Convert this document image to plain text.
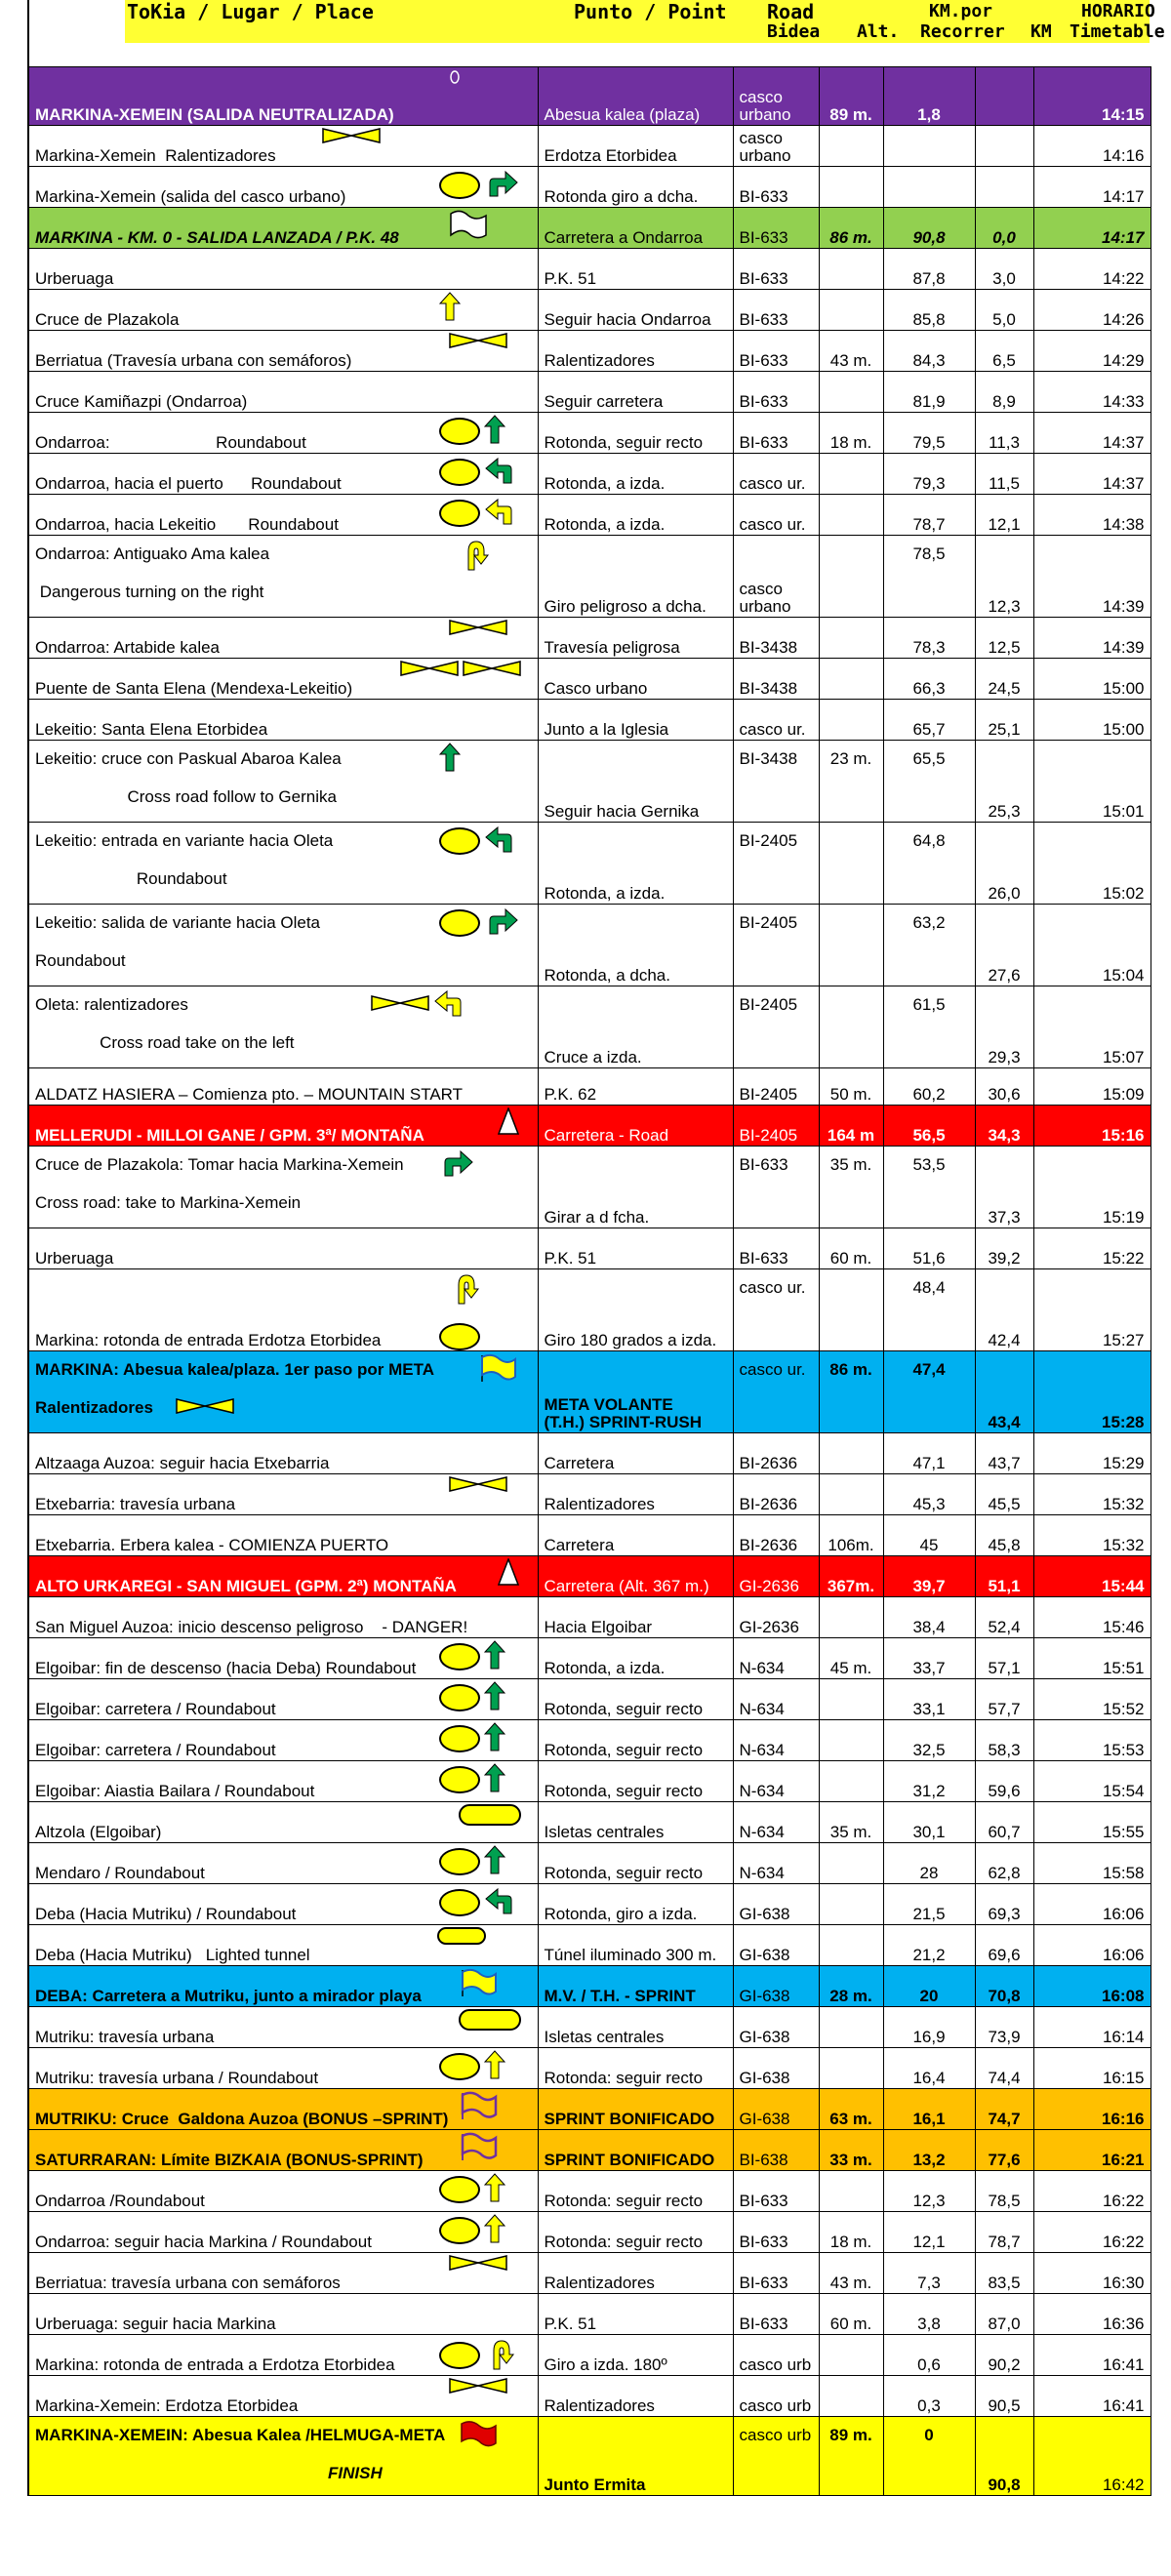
ToKia / Lugar / Place	Punto / Point Road	KM.por	HORARIO
Bidea Alt. Recorrer KM Timetable
MARKINA-XEMEIN (SALIDA NEUTRALIZADA)	Abesua kalea (plaza)	casco
urbano	89 m.	1,8		14:15
Markina-Xemein  Ralentizadores	Erdotza Etorbidea	casco
urbano				14:16
Markina-Xemein (salida del casco urbano)	Rotonda giro a dcha.	BI-633				14:17
MARKINA - KM. 0 - SALIDA LANZADA / P.K. 48	Carretera a Ondarroa	BI-633	86 m.	90,8	0,0	14:17
Urberuaga	P.K. 51	BI-633		87,8	3,0	14:22
Cruce de Plazakola	Seguir hacia Ondarroa	BI-633		85,8	5,0	14:26
Berriatua (Travesía urbana con semáforos)	Ralentizadores	BI-633	43 m.	84,3	6,5	14:29
Cruce Kamiñazpi (Ondarroa)	Seguir carretera	BI-633		81,9	8,9	14:33
Ondarroa:                       Roundabout	Rotonda, seguir recto	BI-633	18 m.	79,5	11,3	14:37
Ondarroa, hacia el puerto      Roundabout	Rotonda, a izda.	casco ur.		79,3	11,5	14:37
Ondarroa, hacia Lekeitio       Roundabout	Rotonda, a izda.	casco ur.		78,7	12,1	14:38

Ondarroa: Antiguako Ama kalea
Dangerous turning on the right	Giro peligroso a dcha.	casco
urbano		78,5	12,3	14:39
Ondarroa: Artabide kalea	Travesía peligrosa	BI-3438		78,3	12,5	14:39
Puente de Santa Elena (Mendexa-Lekeitio)	Casco urbano	BI-3438		66,3	24,5	15:00
Lekeitio: Santa Elena Etorbidea	Junto a la Iglesia	casco ur.		65,7	25,1	15:00

Lekeitio: cruce con Paskual Abaroa Kalea
Cross road follow to Gernika	Seguir hacia Gernika	BI-3438	23 m.	65,5	25,3	15:01

Lekeitio: entrada en variante hacia Oleta
Roundabout	Rotonda, a izda.	BI-2405		64,8	26,0	15:02

Lekeitio: salida de variante hacia Oleta
Roundabout	Rotonda, a dcha.	BI-2405		63,2	27,6	15:04

Oleta: ralentizadores
Cross road take on the left	Cruce a izda.	BI-2405		61,5	29,3	15:07
ALDATZ HASIERA – Comienza pto. – MOUNTAIN START	P.K. 62	BI-2405	50 m.	60,2	30,6	15:09
MELLERUDI - MILLOI GANE / GPM. 3ª/ MONTAÑA	Carretera - Road	BI-2405	164 m	56,5	34,3	15:16

Cruce de Plazakola: Tomar hacia Markina-Xemein
Cross road: take to Markina-Xemein	Girar a d fcha.	BI-633	35 m.	53,5	37,3	15:19
Urberuaga	P.K. 51	BI-633	60 m.	51,6	39,2	15:22
Markina: rotonda de entrada Erdotza Etorbidea	Giro 180 grados a izda.	casco ur.		48,4	42,4	15:27

MARKINA: Abesua kalea/plaza. 1er paso por META
Ralentizadores	META VOLANTE
(T.H.) SPRINT-RUSH	casco ur.	86 m.	47,4	43,4	15:28
Altzaaga Auzoa: seguir hacia Etxebarria	Carretera	BI-2636		47,1	43,7	15:29
Etxebarria: travesía urbana	Ralentizadores	BI-2636		45,3	45,5	15:32
Etxebarria. Erbera kalea - COMIENZA PUERTO	Carretera	BI-2636	106m.	45	45,8	15:32
ALTO URKAREGI - SAN MIGUEL (GPM. 2ª) MONTAÑA	Carretera (Alt. 367 m.)	GI-2636	367m.	39,7	51,1	15:44
San Miguel Auzoa: inicio descenso peligroso    - DANGER!	Hacia Elgoibar	GI-2636		38,4	52,4	15:46
Elgoibar: fin de descenso (hacia Deba) Roundabout	Rotonda, a izda.	N-634	45 m.	33,7	57,1	15:51
Elgoibar: carretera / Roundabout	Rotonda, seguir recto	N-634		33,1	57,7	15:52
Elgoibar: carretera / Roundabout	Rotonda, seguir recto	N-634		32,5	58,3	15:53
Elgoibar: Aiastia Bailara / Roundabout	Rotonda, seguir recto	N-634		31,2	59,6	15:54
Altzola (Elgoibar)	Isletas centrales	N-634	35 m.	30,1	60,7	15:55
Mendaro / Roundabout	Rotonda, seguir recto	N-634		28	62,8	15:58
Deba (Hacia Mutriku) / Roundabout	Rotonda, giro a izda.	GI-638		21,5	69,3	16:06
Deba (Hacia Mutriku)   Lighted tunnel	Túnel iluminado 300 m.	GI-638		21,2	69,6	16:06
DEBA: Carretera a Mutriku, junto a mirador playa	M.V. / T.H. - SPRINT	GI-638	28 m.	20	70,8	16:08
Mutriku: travesía urbana	Isletas centrales	GI-638		16,9	73,9	16:14
Mutriku: travesía urbana / Roundabout	Rotonda: seguir recto	GI-638		16,4	74,4	16:15
MUTRIKU: Cruce  Galdona Auzoa (BONUS –SPRINT)	SPRINT BONIFICADO	GI-638	63 m.	16,1	74,7	16:16
SATURRARAN: Límite BIZKAIA (BONUS-SPRINT)	SPRINT BONIFICADO	BI-638	33 m.	13,2	77,6	16:21
Ondarroa /Roundabout	Rotonda: seguir recto	BI-633		12,3	78,5	16:22
Ondarroa: seguir hacia Markina / Roundabout	Rotonda: seguir recto	BI-633	18 m.	12,1	78,7	16:22
Berriatua: travesía urbana con semáforos	Ralentizadores	BI-633	43 m.	7,3	83,5	16:30
Urberuaga: seguir hacia Markina	P.K. 51	BI-633	60 m.	3,8	87,0	16:36
Markina: rotonda de entrada a Erdotza Etorbidea	Giro a izda. 180º	casco urb		0,6	90,2	16:41
Markina-Xemein: Erdotza Etorbidea	Ralentizadores	casco urb		0,3	90,5	16:41

MARKINA-XEMEIN: Abesua Kalea /HELMUGA-META
FINISH	Junto Ermita	casco urb	89 m.	0	90,8	16:42
